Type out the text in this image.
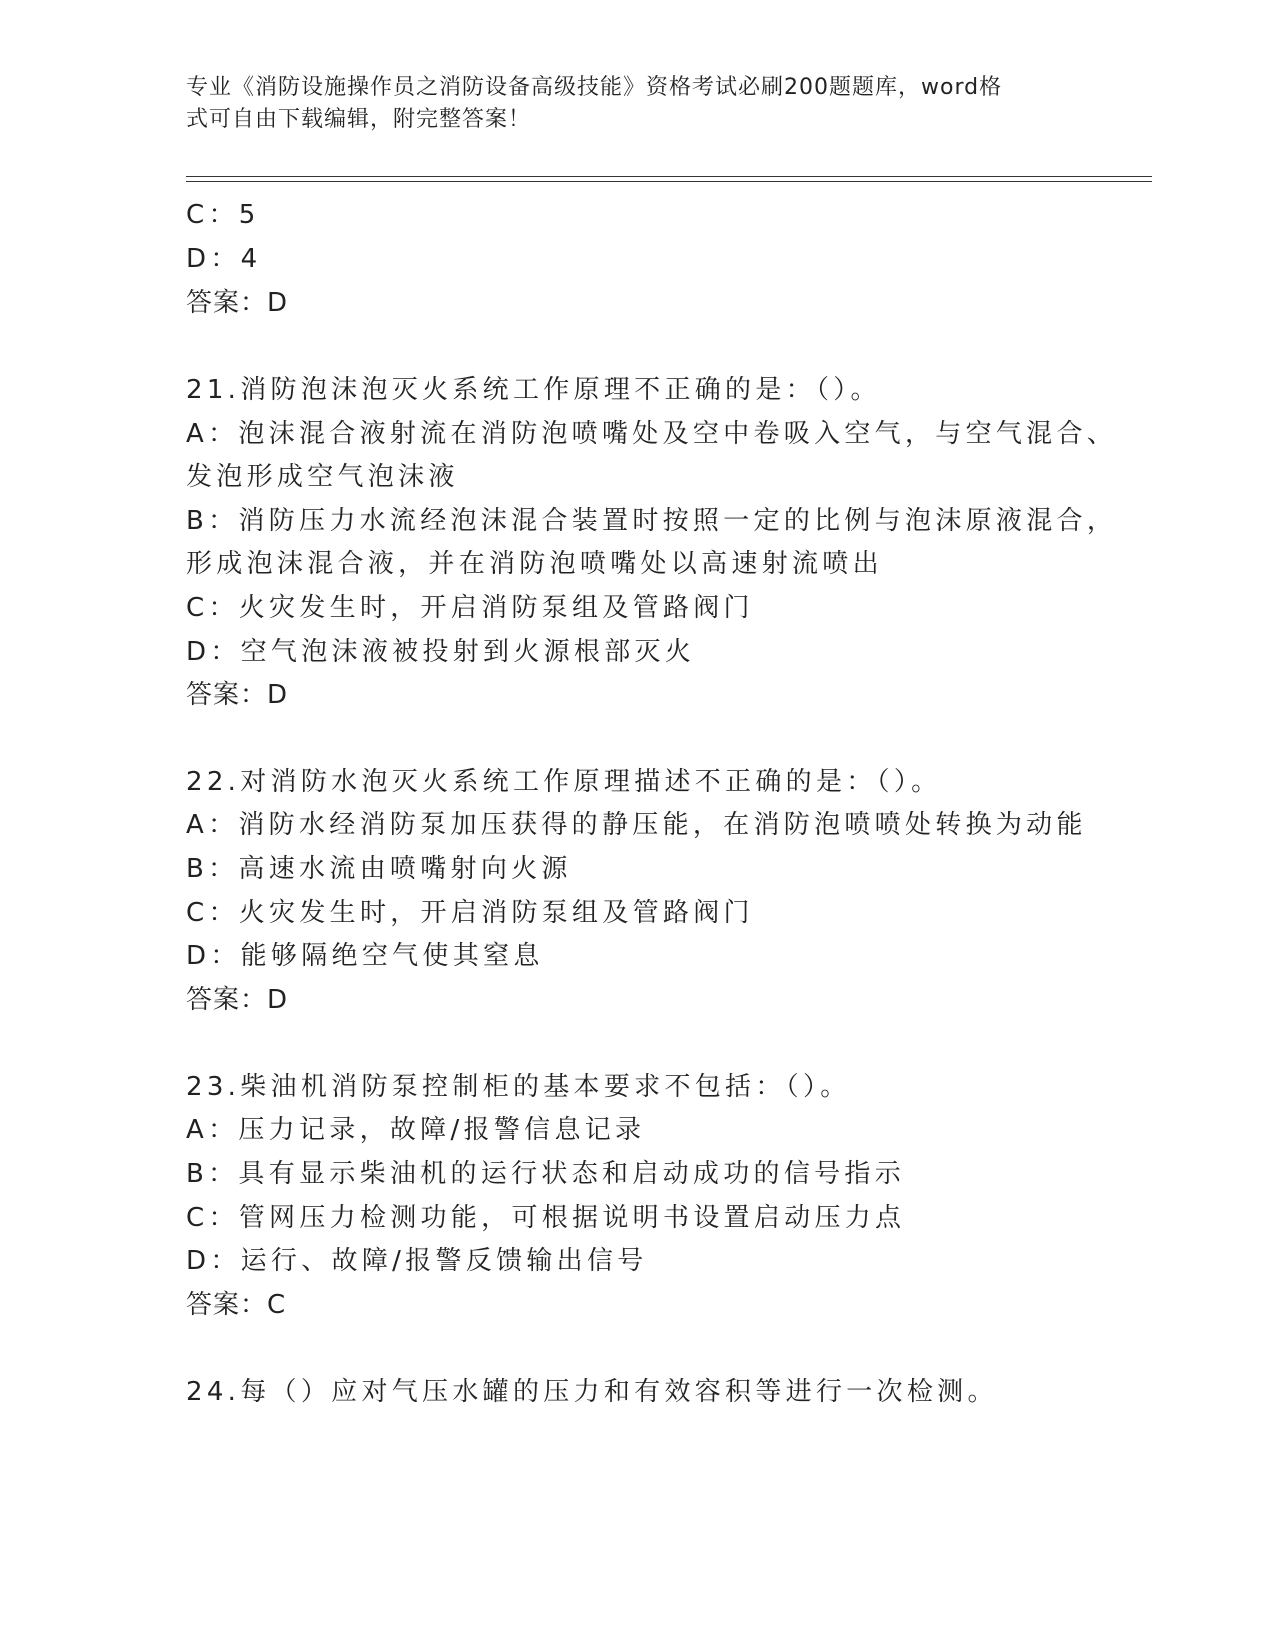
专业《消防设施操作员之消防设备高级技能》资格考试必刷200题题库，word格
式可自由下载编辑，附完整答案！
C：5
D：4
答案：D
21.消防泡沫泡灭火系统工作原理不正确的是：（）。
A：泡沫混合液射流在消防泡喷嘴处及空中卷吸入空气，与空气混合、
发泡形成空气泡沫液
B：消防压力水流经泡沫混合装置时按照一定的比例与泡沫原液混合，
形成泡沫混合液，并在消防泡喷嘴处以高速射流喷出
C：火灾发生时，开启消防泵组及管路阀门
D：空气泡沫液被投射到火源根部灭火
答案：D
22.对消防水泡灭火系统工作原理描述不正确的是：（）。
A：消防水经消防泵加压获得的静压能，在消防泡喷喷处转换为动能
B：高速水流由喷嘴射向火源
C：火灾发生时，开启消防泵组及管路阀门
D：能够隔绝空气使其窒息
答案：D
23.柴油机消防泵控制柜的基本要求不包括：（）。
A：压力记录，故障/报警信息记录
B：具有显示柴油机的运行状态和启动成功的信号指示
C：管网压力检测功能，可根据说明书设置启动压力点
D：运行、故障/报警反馈输出信号
答案：C
24.每（）应对气压水罐的压力和有效容积等进行一次检测。
